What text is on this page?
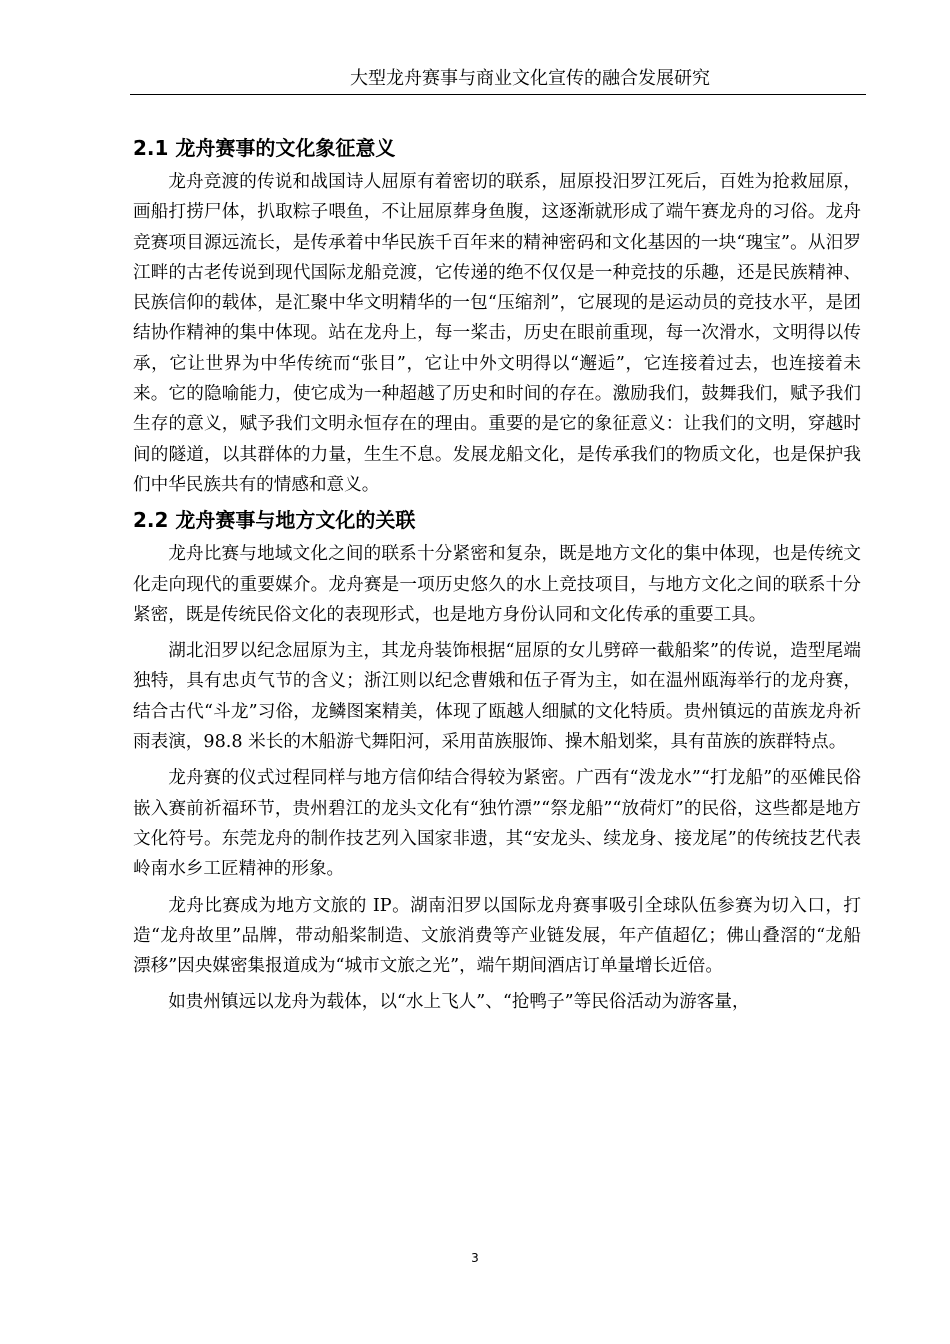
大型龙舟赛事与商业文化宣传的融合发展研究
2.1 龙舟赛事的文化象征意义

龙舟竞渡的传说和战国诗人屈原有着密切的联系，屈原投汨罗江死后，百姓为抢救屈原，画船打捞尸体，扒取粽子喂鱼，不让屈原葬身鱼腹，这逐渐就形成了端午赛龙舟的习俗。龙舟竞赛项目源远流长，是传承着中华民族千百年来的精神密码和文化基因的一块“瑰宝”。从汨罗江畔的古老传说到现代国际龙船竞渡，它传递的绝不仅仅是一种竞技的乐趣，还是民族精神、民族信仰的载体，是汇聚中华文明精华的一包“压缩剂”，它展现的是运动员的竞技水平，是团结协作精神的集中体现。站在龙舟上，每一桨击，历史在眼前重现，每一次滑水，文明得以传承，它让世界为中华传统而“张目”，它让中外文明得以“邂逅”，它连接着过去，也连接着未来。它的隐喻能力，使它成为一种超越了历史和时间的存在。激励我们，鼓舞我们，赋予我们生存的意义，赋予我们文明永恒存在的理由。重要的是它的象征意义：让我们的文明，穿越时间的隧道，以其群体的力量，生生不息。发展龙船文化，是传承我们的物质文化，也是保护我们中华民族共有的情感和意义。

2.2 龙舟赛事与地方文化的关联

龙舟比赛与地域文化之间的联系十分紧密和复杂，既是地方文化的集中体现，也是传统文化走向现代的重要媒介。龙舟赛是一项历史悠久的水上竞技项目，与地方文化之间的联系十分紧密，既是传统民俗文化的表现形式，也是地方身份认同和文化传承的重要工具。

湖北汨罗以纪念屈原为主，其龙舟装饰根据“屈原的女儿劈碎一截船桨”的传说，造型尾端独特，具有忠贞气节的含义；浙江则以纪念曹娥和伍子胥为主，如在温州瓯海举行的龙舟赛，结合古代“斗龙”习俗，龙鳞图案精美，体现了瓯越人细腻的文化特质。贵州镇远的苗族龙舟祈雨表演，98.8 米长的木船游弋舞阳河，采用苗族服饰、操木船划桨，具有苗族的族群特点。

龙舟赛的仪式过程同样与地方信仰结合得较为紧密。广西有“泼龙水”“打龙船”的巫傩民俗嵌入赛前祈福环节，贵州碧江的龙头文化有“独竹漂”“祭龙船”“放荷灯”的民俗，这些都是地方文化符号。东莞龙舟的制作技艺列入国家非遗，其“安龙头、续龙身、接龙尾”的传统技艺代表岭南水乡工匠精神的形象。

龙舟比赛成为地方文旅的 IP。湖南汨罗以国际龙舟赛事吸引全球队伍参赛为切入口，打造“龙舟故里”品牌，带动船桨制造、文旅消费等产业链发展，年产值超亿；佛山叠滘的“龙船漂移”因央媒密集报道成为“城市文旅之光”，端午期间酒店订单量增长近倍。

如贵州镇远以龙舟为载体，以“水上飞人”、“抢鸭子”等民俗活动为游客量，

3
